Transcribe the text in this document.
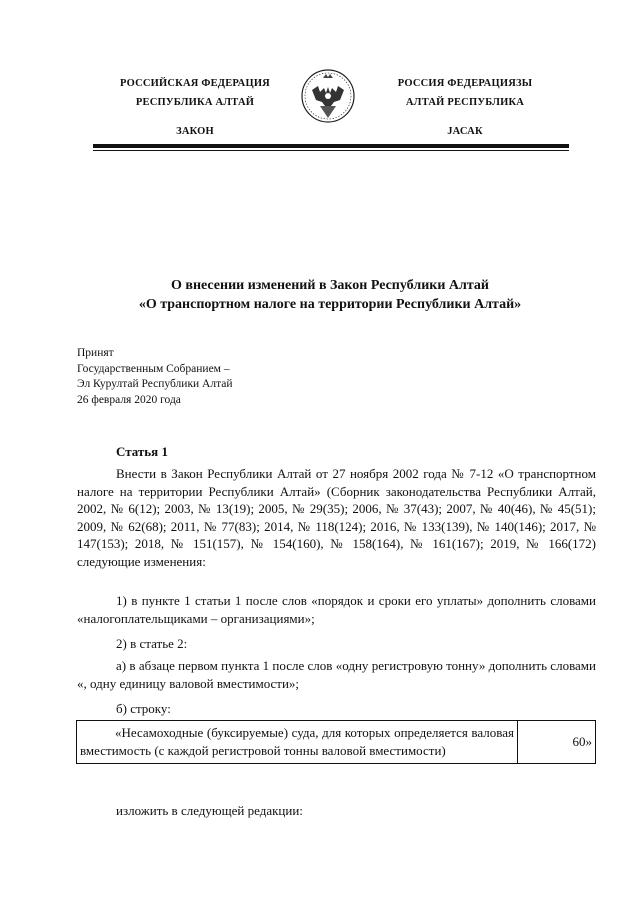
РОССИЙСКАЯ ФЕДЕРАЦИЯ
РЕСПУБЛИКА АЛТАЙ
ЗАКОН
РОССИЯ ФЕДЕРАЦИЯЗЫ
АЛТАЙ РЕСПУБЛИКА
JАСАК
О внесении изменений в Закон Республики Алтай
«О транспортном налоге на территории Республики Алтай»
Принят
Государственным Собранием –
Эл Курултай Республики Алтай
26 февраля 2020 года
Статья 1

Внести в Закон Республики Алтай от 27 ноября 2002 года № 7-12 «О транспортном налоге на территории Республики Алтай» (Сборник законодательства Республики Алтай, 2002, № 6(12); 2003, № 13(19); 2005, № 29(35); 2006, № 37(43); 2007, № 40(46), № 45(51); 2009, № 62(68); 2011, № 77(83); 2014, № 118(124); 2016, № 133(139), № 140(146); 2017, № 147(153); 2018, № 151(157), № 154(160), № 158(164), № 161(167); 2019, № 166(172) следующие изменения:

1) в пункте 1 статьи 1 после слов «порядок и сроки его уплаты» дополнить словами «налогоплательщиками – организациями»;

2) в статье 2:

а) в абзаце первом пункта 1 после слов «одну регистровую тонну» дополнить словами «, одну единицу валовой вместимости»;

б) строку:

«Несамоходные (буксируемые) суда, для которых определяется валовая вместимость (с каждой регистровой тонны валовой вместимости)	60»
изложить в следующей редакции:
